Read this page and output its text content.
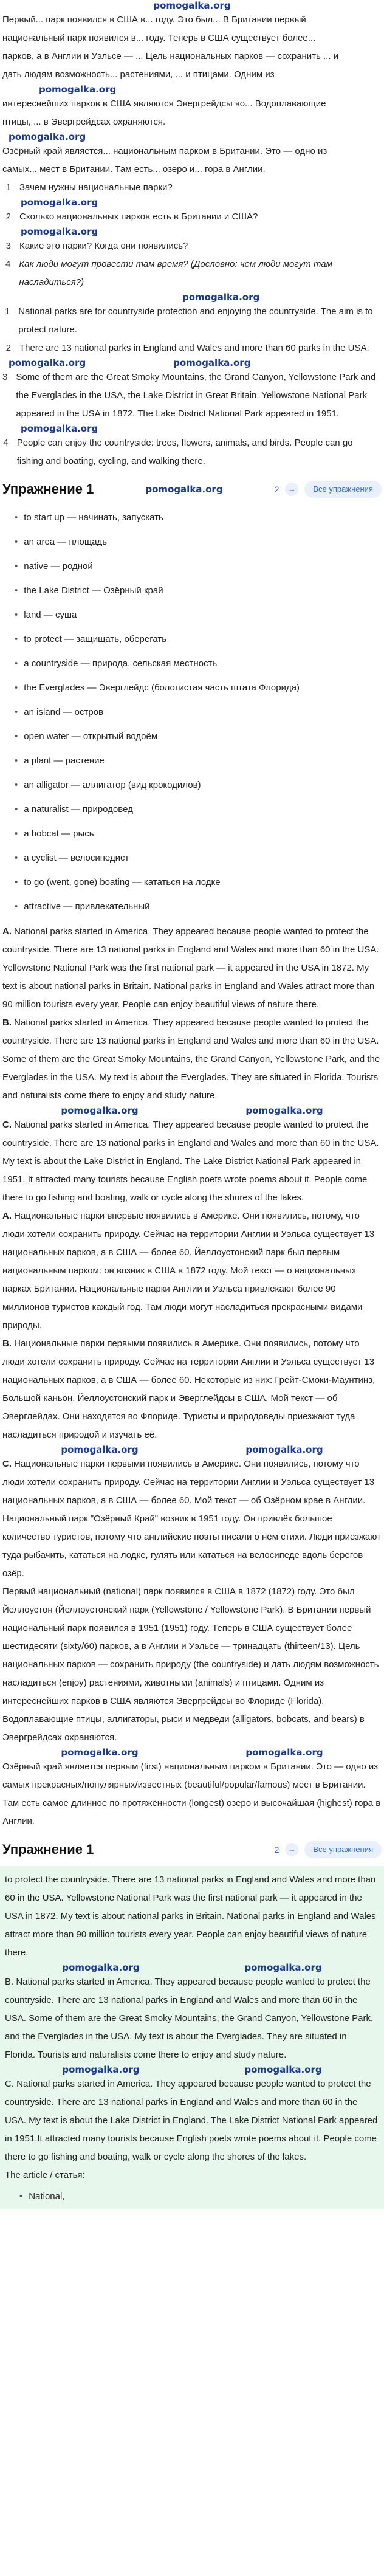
pomogalka.org
Первый... парк появился в США в... году. Это был... В Британии первый
национальный парк появился в... году. Теперь в США существует более...
парков, а в Англии и Уэльсе — ... Цель национальных парков — сохранить ... и
дать людям возможность... растениями, ... и птицами. Одним из
pomogalka.org
интереснейших парков в США являются Эвергрейдсы во... Водоплавающие
птицы, ... в Эвергрейдсах охраняются.
pomogalka.org
Озёрный край является... национальным парком в Британии. Это — одно из
самых... мест в Британии. Там есть... озеро и... гора в Англии.
1 Зачем нужны национальные парки?
pomogalka.org
2 Сколько национальных парков есть в Британии и США?
pomogalka.org
3 Какие это парки? Когда они появились?
4 Как люди могут провести там время? (Дословно: чем люди могут там насладиться?)
pomogalka.org
1 National parks are for countryside protection and enjoying the countryside. The aim is to protect nature.
2 There are 13 national parks in England and Wales and more than 60 parks in the USA.
pomogalka.org	pomogalka.org
3 Some of them are the Great Smoky Mountains, the Grand Canyon, Yellowstone Park and the Everglades in the USA, the Lake District in Great Britain. Yellowstone National Park appeared in the USA in 1872. The Lake District National Park appeared in 1951.
pomogalka.org
4 People can enjoy the countryside: trees, flowers, animals, and birds. People can go fishing and boating, cycling, and walking there.
Упражнение 1	pomogalka.org	2	→	Все упражнения
• to start up — начинать, запускать
• an area — площадь
• native — родной
• the Lake District — Озёрный край
• land — суша
• to protect — защищать, оберегать
• a countryside — природа, сельская местность
• the Everglades — Эверглейдс (болотистая часть штата Флорида)
• an island — остров
• open water — открытый водоём
• a plant — растение
• an alligator — аллигатор (вид крокодилов)
• a naturalist — природовед
• a bobcat — рысь
• a cyclist — велосипедист
• to go (went, gone) boating — кататься на лодке
• attractive — привлекательный
A. National parks started in America. They appeared because people wanted to protect the countryside. There are 13 national parks in England and Wales and more than 60 in the USA. Yellowstone National Park was the first national park — it appeared in the USA in 1872. My text is about national parks in Britain. National parks in England and Wales attract more than 90 million tourists every year. People can enjoy beautiful views of nature there.
B. National parks started in America. They appeared because people wanted to protect the countryside. There are 13 national parks in England and Wales and more than 60 in the USA. Some of them are the Great Smoky Mountains, the Grand Canyon, Yellowstone Park, and the Everglades in the USA. My text is about the Everglades. They are situated in Florida. Tourists and naturalists come there to enjoy and study nature.
pomogalka.org	pomogalka.org
C. National parks started in America. They appeared because people wanted to protect the countryside. There are 13 national parks in England and Wales and more than 60 in the USA. My text is about the Lake District in England. The Lake District National Park appeared in 1951. It attracted many tourists because English poets wrote poems about it. People come there to go fishing and boating, walk or cycle along the shores of the lakes.
A. Национальные парки впервые появились в Америке. Они появились, потому, что люди хотели сохранить природу. Сейчас на территории Англии и Уэльса существует 13 национальных парков, а в США — более 60. Йеллоустонский парк был первым национальным парком: он возник в США в 1872 году. Мой текст — о национальных парках Британии. Национальные парки Англии и Уэльса привлекают более 90 миллионов туристов каждый год. Там люди могут насладиться прекрасными видами природы.
B. Национальные парки первыми появились в Америке. Они появились, потому что люди хотели сохранить природу. Сейчас на территории Англии и Уэльса существует 13 национальных парков, а в США — более 60. Некоторые из них: Грейт-Смоки-Маунтинз, Большой каньон, Йеллоустонский парк и Эверглейдсы в США. Мой текст — об Эверглейдах. Они находятся во Флориде. Туристы и природоведы приезжают туда насладиться природой и изучать её.
pomogalka.org	pomogalka.org
C. Национальные парки первыми появились в Америке. Они появились, потому что люди хотели сохранить природу. Сейчас на территории Англии и Уэльса существует 13 национальных парков, а в США — более 60. Мой текст — об Озёрном крае в Англии. Национальный парк "Озёрный Край" возник в 1951 году. Он привлёк большое количество туристов, потому что английские поэты писали о нём стихи. Люди приезжают туда рыбачить, кататься на лодке, гулять или кататься на велосипеде вдоль берегов озёр.
Первый национальный (national) парк появился в США в 1872 (1872) году. Это был Йеллоустон (Йеллоустонский парк (Yellowstone / Yellowstone Park). В Британии первый национальный парк появился в 1951 (1951) году. Теперь в США существует более шестидесяти (sixty/60) парков, а в Англии и Уэльсе — тринадцать (thirteen/13). Цель национальных парков — сохранить природу (the countryside) и дать людям возможность насладиться (enjoy) растениями, животными (animals) и птицами. Одним из интереснейших парков в США являются Эвергрейдсы во Флориде (Florida). Водоплавающие птицы, аллигаторы, рыси и медведи (alligators, bobcats, and bears) в Эвергрейдсах охраняются.
pomogalka.org	pomogalka.org
Озёрный край является первым (first) национальным парком в Британии. Это — одно из самых прекрасных/популярных/известных (beautiful/popular/famous) мест в Британии. Там есть самое длинное по протяжённости (longest) озеро и высочайшая (highest) гора в Англии.
Упражнение 1	2	→	Все упражнения
to protect the countryside. There are 13 national parks in England and Wales and more than 60 in the USA. Yellowstone National Park was the first national park — it appeared in the USA in 1872. My text is about national parks in Britain. National parks in England and Wales attract more than 90 million tourists every year. People can enjoy beautiful views of nature there.
pomogalka.org	pomogalka.org
B. National parks started in America. They appeared because people wanted to protect the countryside. There are 13 national parks in England and Wales and more than 60 in the USA. Some of them are the Great Smoky Mountains, the Grand Canyon, Yellowstone Park, and the Everglades in the USA. My text is about the Everglades. They are situated in Florida. Tourists and naturalists come there to enjoy and study nature.
pomogalka.org	pomogalka.org
C. National parks started in America. They appeared because people wanted to protect the countryside. There are 13 national parks in England and Wales and more than 60 in the USA. My text is about the Lake District in England. The Lake District National Park appeared in 1951.It attracted many tourists because English poets wrote poems about it. People come there to go fishing and boating, walk or cycle along the shores of the lakes.
The article / статья:
• National,
